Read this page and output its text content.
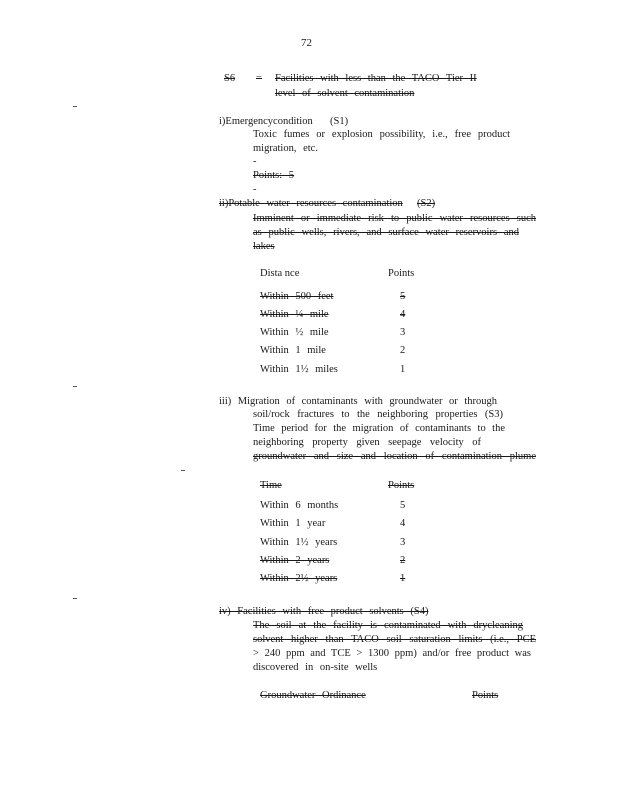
72
S6 = Facilities with less than the TACO Tier II
level of solvent contamination
i)Emergencycondition (S1)
Toxic fumes or explosion possibility, i.e., free product
migration, etc.
-
Points: 5
-
ii)Potable water resources contamination (S2)
Imminent or immediate risk to public water resources such
as public wells, rivers, and surface water reservoirs and
lakes
Dista nce	Points
Within 500 feet	5
Within ¼ mile	4
Within ½ mile	3
Within 1 mile	2
Within 1½ miles	1
iii) Migration of contaminants with groundwater or through
soil/rock fractures to the neighboring properties (S3)
Time period for the migration of contaminants to the
neighboring property given seepage velocity of
groundwater and size and location of contamination plume
Time	Points
Within 6 months	5
Within 1 year	4
Within 1½ years	3
Within 2 years	2
Within 2½ years	1
iv) Facilities with free product solvents (S4)
The soil at the facility is contaminated with drycleaning
solvent higher than TACO soil saturation limits (i.e., PCE
> 240 ppm and TCE > 1300 ppm) and/or free product was
discovered in on-site wells
Groundwater Ordinance	Points
